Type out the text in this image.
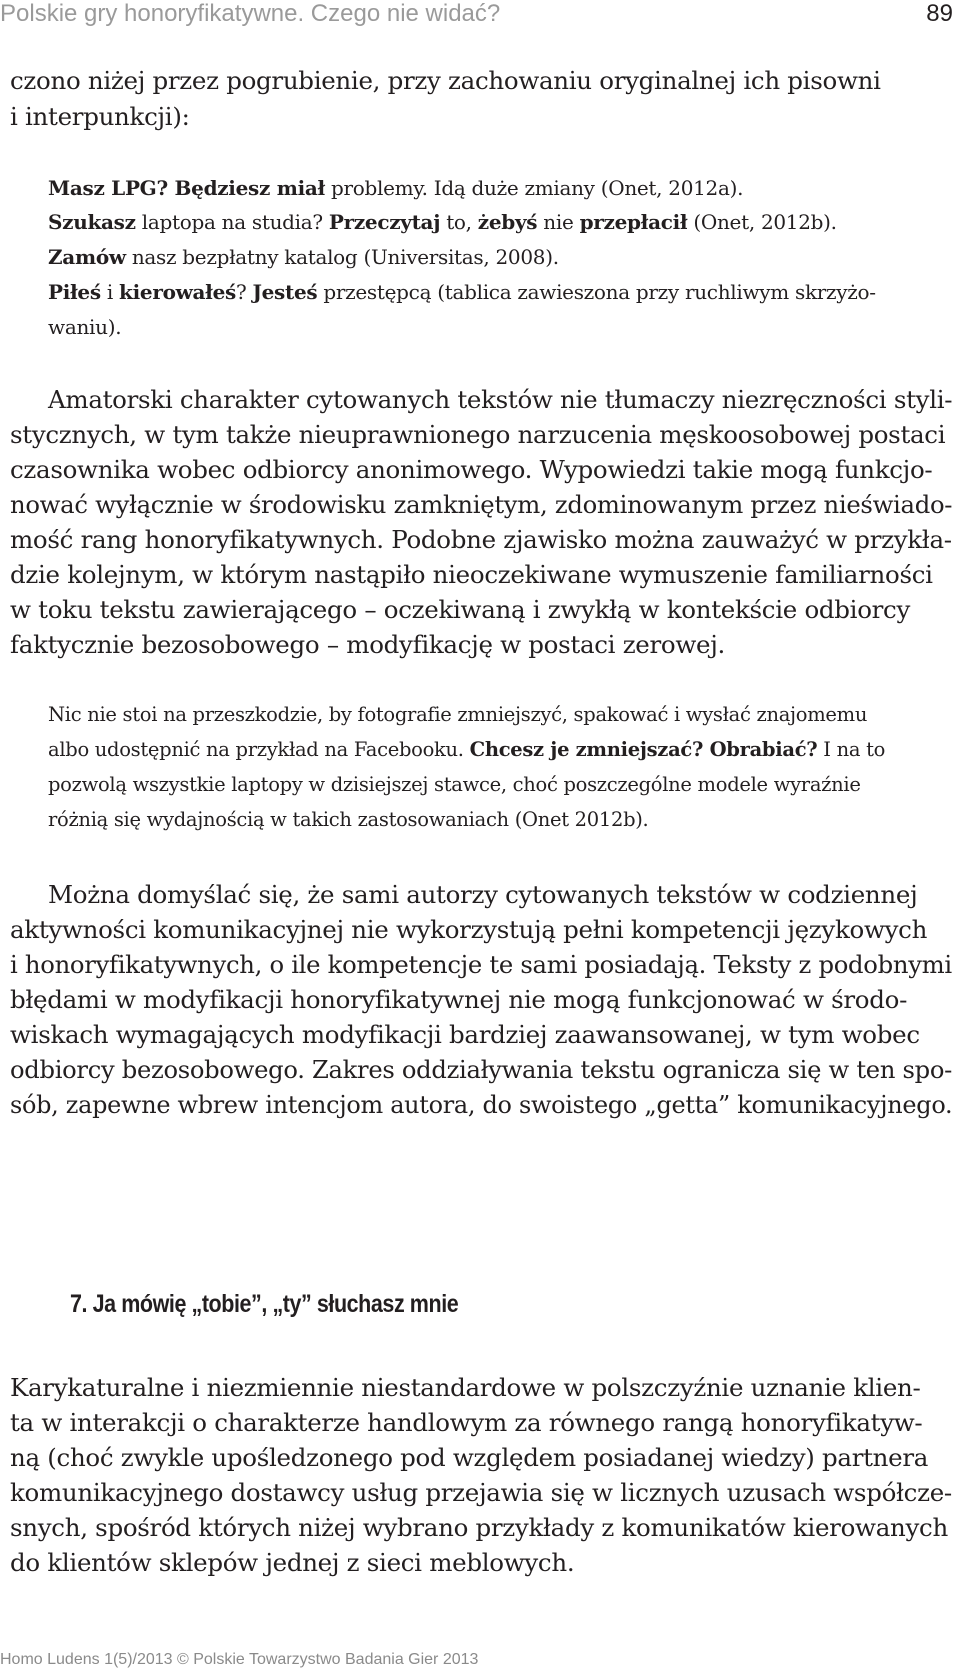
Polskie gry honoryfikatywne. Czego nie widać?	89
czono niżej przez pogrubienie, przy zachowaniu oryginalnej ich pisowni
i interpunkcji):
Masz LPG? Będziesz miał problemy. Idą duże zmiany (Onet, 2012a).
Szukasz laptopa na studia? Przeczytaj to, żebyś nie przepłacił (Onet, 2012b).
Zamów nasz bezpłatny katalog (Universitas, 2008).
Piłeś i kierowałeś? Jesteś przestępcą (tablica zawieszona przy ruchliwym skrzyżo-
waniu).
Amatorski charakter cytowanych tekstów nie tłumaczy niezręczności styli-
stycznych, w tym także nieuprawnionego narzucenia męskoosobowej postaci
czasownika wobec odbiorcy anonimowego. Wypowiedzi takie mogą funkcjo-
nować wyłącznie w środowisku zamkniętym, zdominowanym przez nieświado-
mość rang honoryfikatywnych. Podobne zjawisko można zauważyć w przykła-
dzie kolejnym, w którym nastąpiło nieoczekiwane wymuszenie familiarności
w toku tekstu zawierającego – oczekiwaną i zwykłą w kontekście odbiorcy
faktycznie bezosobowego – modyfikację w postaci zerowej.
Nic nie stoi na przeszkodzie, by fotografie zmniejszyć, spakować i wysłać znajomemu
albo udostępnić na przykład na Facebooku. Chcesz je zmniejszać? Obrabiać? I na to
pozwolą wszystkie laptopy w dzisiejszej stawce, choć poszczególne modele wyraźnie
różnią się wydajnością w takich zastosowaniach (Onet 2012b).
Można domyślać się, że sami autorzy cytowanych tekstów w codziennej
aktywności komunikacyjnej nie wykorzystują pełni kompetencji językowych
i honoryfikatywnych, o ile kompetencje te sami posiadają. Teksty z podobnymi
błędami w modyfikacji honoryfikatywnej nie mogą funkcjonować w środo-
wiskach wymagających modyfikacji bardziej zaawansowanej, w tym wobec
odbiorcy bezosobowego. Zakres oddziaływania tekstu ogranicza się w ten spo-
sób, zapewne wbrew intencjom autora, do swoistego „getta” komunikacyjnego.
7. Ja mówię „tobie”, „ty” słuchasz mnie
Karykaturalne i niezmiennie niestandardowe w polszczyźnie uznanie klien-
ta w interakcji o charakterze handlowym za równego rangą honoryfikatyw-
ną (choć zwykle upośledzonego pod względem posiadanej wiedzy) partnera
komunikacyjnego dostawcy usług przejawia się w licznych uzusach współcze-
snych, spośród których niżej wybrano przykłady z komunikatów kierowanych
do klientów sklepów jednej z sieci meblowych.
Homo Ludens 1(5)/2013 © Polskie Towarzystwo Badania Gier 2013
